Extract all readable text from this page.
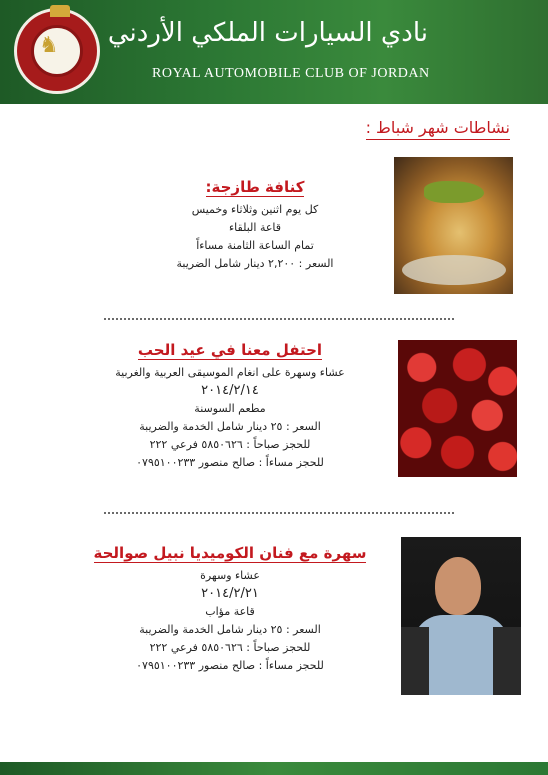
♞ نادي السيارات الملكي الأردني
ROYAL AUTOMOBILE CLUB OF JORDAN
نشاطات شهر شباط :
كنافة طازجة:
كل يوم اثنين وثلاثاء وخميس
قاعة البلقاء
تمام الساعة الثامنة مساءاً
السعر : ٢,٢٠٠ دينار شامل الضريبة
احتفل معنا في عيد الحب
عشاء وسهرة على انغام الموسيقى العربية والغربية
٢٠١٤/٢/١٤
مطعم السوسنة
السعر : ٢٥ دينار شامل الخدمة والضريبة
للحجز صباحاً : ٥٨٥٠٦٢٦ فرعي ٢٢٢
للحجز مساءاً : صالح منصور ٠٧٩٥١٠٠٢٣٣
سهرة مع فنان الكوميديا نبيل صوالحة
عشاء وسهرة
٢٠١٤/٢/٢١
قاعة مؤاب
السعر : ٢٥ دينار شامل الخدمة والضريبة
للحجز صباحاً : ٥٨٥٠٦٢٦ فرعي ٢٢٢
للحجز مساءاً : صالح منصور ٠٧٩٥١٠٠٢٣٣
